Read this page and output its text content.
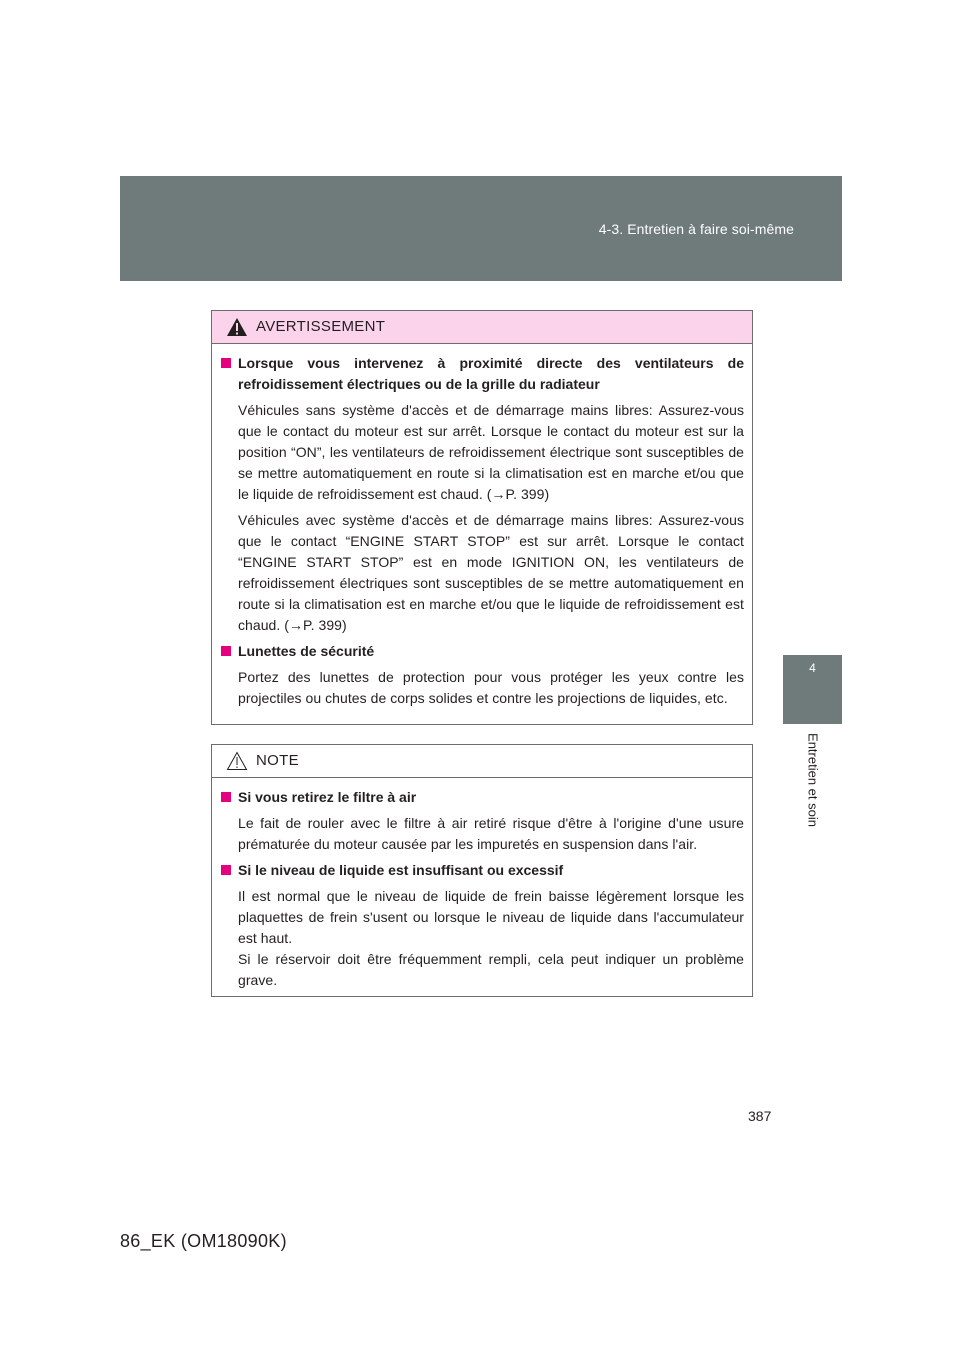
4-3. Entretien à faire soi-même
4
Entretien et soin
AVERTISSEMENT
Lorsque vous intervenez à proximité directe des ventilateurs de refroidissement électriques ou de la grille du radiateur
Véhicules sans système d'accès et de démarrage mains libres: Assurez-vous que le contact du moteur est sur arrêt. Lorsque le contact du moteur est sur la position “ON”, les ventilateurs de refroidissement électrique sont susceptibles de se mettre automatiquement en route si la climatisation est en marche et/ou que le liquide de refroidissement est chaud. (→P. 399)
Véhicules avec système d'accès et de démarrage mains libres: Assurez-vous que le contact “ENGINE START STOP” est sur arrêt. Lorsque le contact “ENGINE START STOP” est en mode IGNITION ON, les ventilateurs de refroidissement électriques sont susceptibles de se mettre automatiquement en route si la climatisation est en marche et/ou que le liquide de refroidissement est chaud. (→P. 399)
Lunettes de sécurité
Portez des lunettes de protection pour vous protéger les yeux contre les projectiles ou chutes de corps solides et contre les projections de liquides, etc.
NOTE
Si vous retirez le filtre à air
Le fait de rouler avec le filtre à air retiré risque d'être à l'origine d'une usure prématurée du moteur causée par les impuretés en suspension dans l'air.
Si le niveau de liquide est insuffisant ou excessif
Il est normal que le niveau de liquide de frein baisse légèrement lorsque les plaquettes de frein s'usent ou lorsque le niveau de liquide dans l'accumulateur est haut.
Si le réservoir doit être fréquemment rempli, cela peut indiquer un problème grave.
387
86_EK (OM18090K)
